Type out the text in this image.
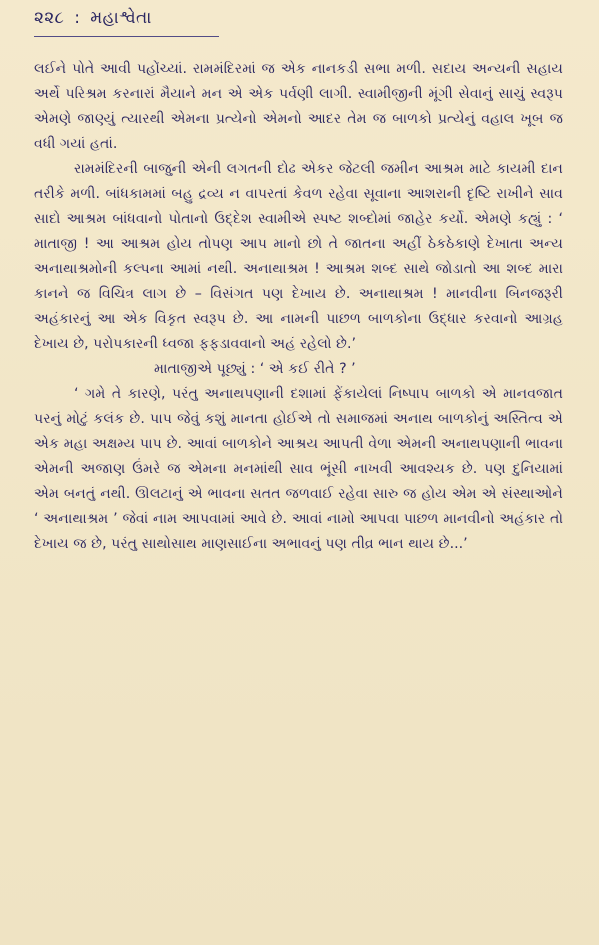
૨૨૮ : મહાશ્વેતા

લઈને પોતે આવી પહોંચ્યાં. રામમંદિરમાં જ એક નાનકડી સભા મળી. સદાય અન્યની સહાય અર્થે પરિશ્રમ કરનારાં મૈયાને મન એ એક પર્વણી લાગી. સ્વામીજીની મૂંગી સેવાનું સાચું સ્વરૂપ એમણે જાણ્યું ત્યારથી એમના પ્રત્યેનો એમનો આદર તેમ જ બાળકો પ્રત્યેનું વહાલ ખૂબ જ વધી ગયાં હતાં.

રામમંદિરની બાજુની એની લગતની દોઢ એકર જેટલી જમીન આશ્રમ માટે કાયમી દાન તરીકે મળી. બાંધકામમાં બહુ દ્રવ્ય ન વાપરતાં કેવળ રહેવા સૂવાના આશરાની દૃષ્ટિ રાખીને સાવ સાદો આશ્રમ બાંધવાનો પોતાનો ઉદ્દેશ સ્વામીએ સ્પષ્ટ શબ્દોમાં જાહેર કર્યો. એમણે કહ્યું : ‘ માતાજી ! આ આશ્રમ હોય તોપણ આપ માનો છો તે જાતના અહીં ઠેકઠેકાણે દેખાતા અન્ય અનાથાશ્રમોની કલ્પના આમાં નથી. અનાથાશ્રમ ! આશ્રમ શબ્દ સાથે જોડાતો આ શબ્દ મારા કાનને જ વિચિત્ર લાગ છે – વિસંગત પણ દેખાય છે. અનાથાશ્રમ ! માનવીના બિનજરૂરી અહંકારનું આ એક વિકૃત સ્વરૂપ છે. આ નામની પાછળ બાળકોના ઉદ્ધાર કરવાનો આગ્રહ દેખાય છે, પરોપકારની ધ્વજા ફફડાવવાનો અહં રહેલો છે.’

માતાજીએ પૂછ્યું : ‘ એ કઈ રીતે ? ’

‘ ગમે તે કારણે, પરંતુ અનાથપણાની દશામાં ફેંકાયેલાં નિષ્પાપ બાળકો એ માનવજાત પરનું મોટું કલંક છે. પાપ જેવું કશું માનતા હોઈએ તો સમાજમાં અનાથ બાળકોનું અસ્તિત્વ એ એક મહા અક્ષમ્ય પાપ છે. આવાં બાળકોને આશ્રય આપતી વેળા એમની અનાથપણાની ભાવના એમની અજાણ ઉંમરે જ એમના મનમાંથી સાવ ભૂંસી નાખવી આવશ્યક છે. પણ દુનિયામાં એમ બનતું નથી. ઊલટાનું એ ભાવના સતત જળવાઈ રહેવા સારુ જ હોય એમ એ સંસ્થાઓને ‘ અનાથાશ્રમ ’ જેવાં નામ આપવામાં આવે છે. આવાં નામો આપવા પાછળ માનવીનો અહંકાર તો દેખાય જ છે, પરંતુ સાથોસાથ માણસાઈના અભાવનું પણ તીવ્ર ભાન થાય છે...’
